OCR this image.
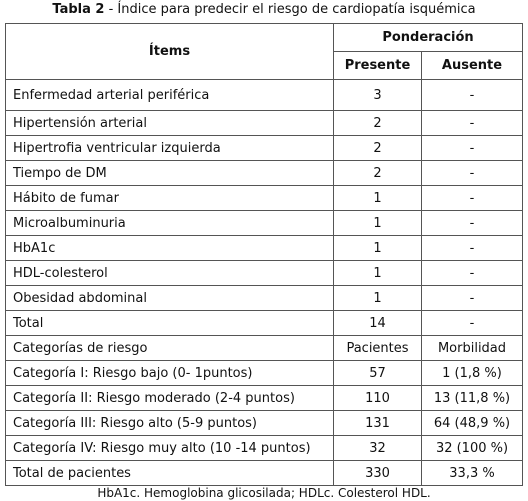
Tabla 2 - Índice para predecir el riesgo de cardiopatía isquémica
Ítems	Ponderación	
	Presente	Ausente
Enfermedad arterial periférica	3	-
Hipertensión arterial	2	-
Hipertrofia ventricular izquierda	2	-
Tiempo de DM	2	-
Hábito de fumar	1	-
Microalbuminuria	1	-
HbA1c	1	-
HDL-colesterol	1	-
Obesidad abdominal	1	-
Total	14	-
Categorías de riesgo	Pacientes	Morbilidad
Categoría I: Riesgo bajo (0- 1puntos)	57	1 (1,8 %)
Categoría II: Riesgo moderado (2-4 puntos)	110	13 (11,8 %)
Categoría III: Riesgo alto (5-9 puntos)	131	64 (48,9 %)
Categoría IV: Riesgo muy alto (10 -14 puntos)	32	32 (100 %)
Total de pacientes	330	33,3 %
HbA1c. Hemoglobina glicosilada; HDLc. Colesterol HDL.
